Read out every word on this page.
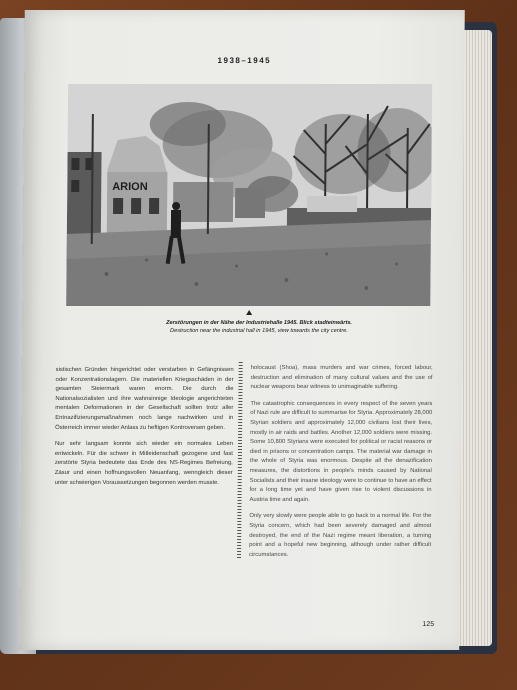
1938–1945
ARION
Zerstörungen in der Nähe der Industriehalle 1945. Blick stadteinwärts.
Destruction near the industrial hall in 1945, view towards the city centre.

sistischen Gründen hingerichtet oder verstarben in Gefängnissen oder Konzentrationslagern. Die materiellen Kriegsschäden in der gesamten Steiermark waren enorm. Die durch die Nationalsozialisten und ihre wahnsinnige Ideologie angerichteten mentalen Deformationen in der Gesellschaft sollten trotz aller Entnazifizierungsmaßnahmen noch lange nachwirken und in Österreich immer wieder Anlass zu heftigen Kontroversen geben.

Nur sehr langsam konnte sich wieder ein normales Leben entwickeln. Für die schwer in Mitleidenschaft gezogene und fast zerstörte Styria bedeutete das Ende des NS-Regimes Befreiung, Zäsur und einen hoffnungsvollen Neuanfang, wenngleich dieser unter schwierigen Voraussetzungen begonnen werden musste.

holocaust (Shoa), mass murders and war crimes, forced labour, destruction and elimination of many cultural values and the use of nuclear weapons bear witness to unimaginable suffering.

The catastrophic consequences in every respect of the seven years of Nazi rule are difficult to summarise for Styria. Approximately 28,000 Styrian soldiers and approximately 12,000 civilians lost their lives, mostly in air raids and battles. Another 12,000 soldiers were missing. Some 10,800 Styrians were executed for political or racist reasons or died in prisons or concentration camps. The material war damage in the whole of Styria was enormous. Despite all the denazification measures, the distortions in people's minds caused by National Socialists and their insane ideology were to continue to have an effect for a long time yet and have given rise to violent discussions in Austria time and again.

Only very slowly were people able to go back to a normal life. For the Styria concern, which had been severely damaged and almost destroyed, the end of the Nazi regime meant liberation, a turning point and a hopeful new beginning, although under rather difficult circumstances.

125
